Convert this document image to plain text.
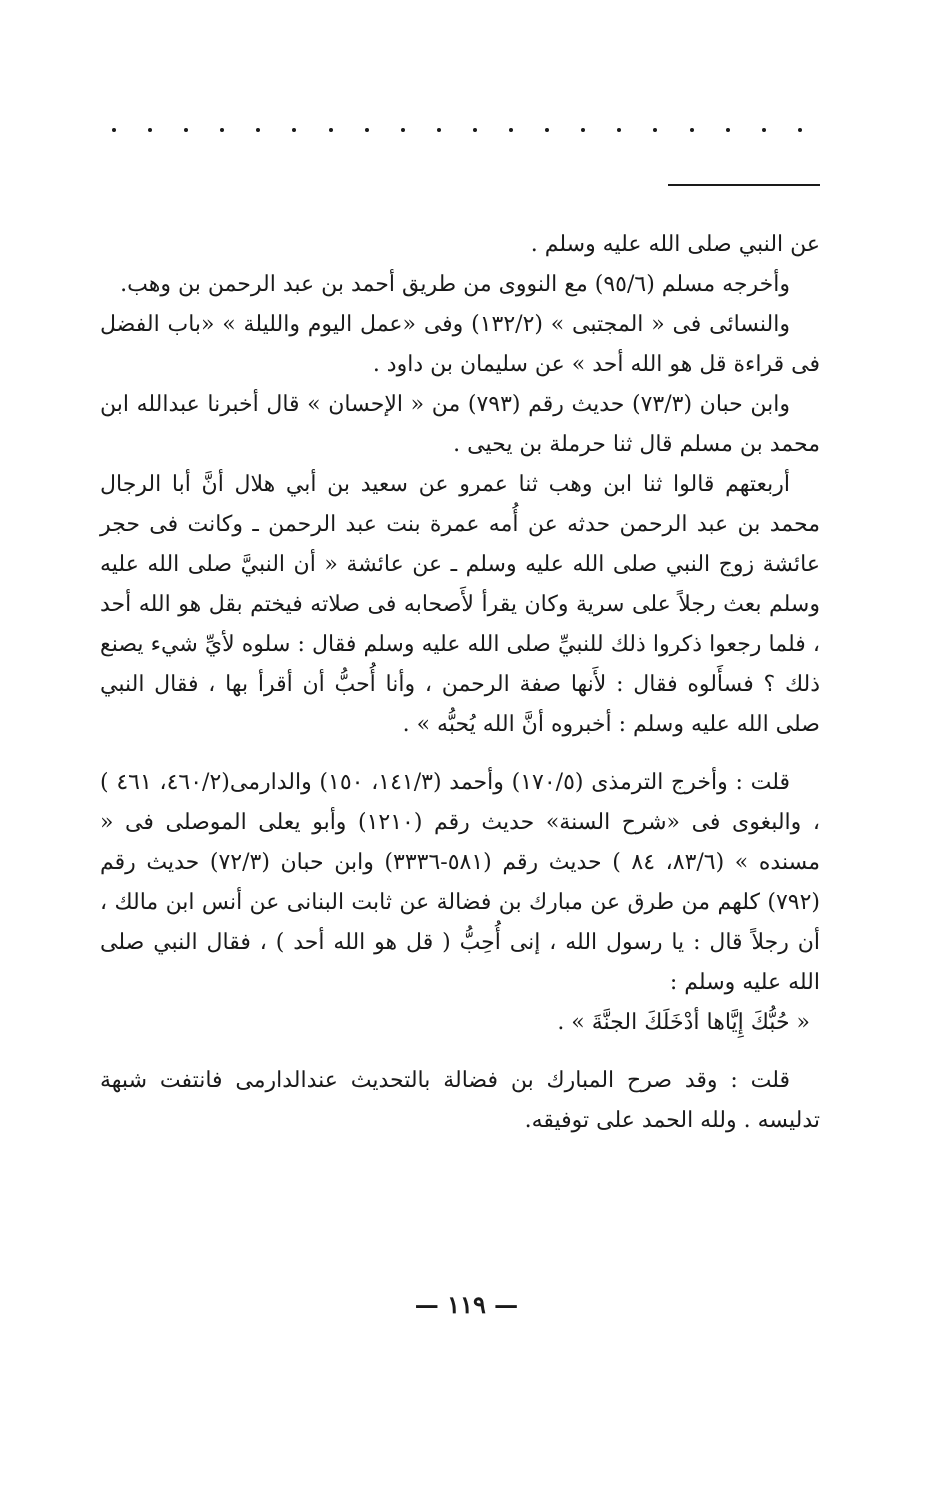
عن النبي صلى الله عليه وسلم .

وأخرجه مسلم (٩٥/٦) مع النووى من طريق أحمد بن عبد الرحمن بن وهب.

والنسائى فى « المجتبى » (١٣٢/٢) وفى «عمل اليوم والليلة » «باب الفضل فى قراءة قل هو الله أحد » عن سليمان بن داود .

وابن حبان (٧٣/٣) حديث رقم (٧٩٣) من « الإحسان » قال أخبرنا عبدالله ابن محمد بن مسلم قال ثنا حرملة بن يحيى .

أربعتهم قالوا ثنا ابن وهب ثنا عمرو عن سعيد بن أبي هلال أنَّ أبا الرجال محمد بن عبد الرحمن حدثه عن أُمه عمرة بنت عبد الرحمن ـ وكانت فى حجر عائشة زوج النبي صلى الله عليه وسلم ـ عن عائشة « أن النبيَّ صلى الله عليه وسلم بعث رجلاً على سرية وكان يقرأ لأَصحابه فى صلاته فيختم بقل هو الله أحد ، فلما رجعوا ذكروا ذلك للنبيِّ صلى الله عليه وسلم فقال : سلوه لأيِّ شيء يصنع ذلك ؟ فسأَلوه فقال : لأَنها صفة الرحمن ، وأنا أُحبُّ أن أقرأ بها ، فقال النبي صلى الله عليه وسلم : أخبروه أنَّ الله يُحبُّه » .

قلت : وأخرج الترمذى (١٧٠/٥) وأحمد (١٤١/٣، ١٥٠) والدارمى(٤٦٠/٢، ٤٦١ ) ، والبغوى فى «شرح السنة» حديث رقم (١٢١٠) وأبو يعلى الموصلى فى « مسنده » (٨٣/٦، ٨٤ ) حديث رقم (٥٨١-٣٣٣٦) وابن حبان (٧٢/٣) حديث رقم (٧٩٢) كلهم من طرق عن مبارك بن فضالة عن ثابت البنانى عن أنس ابن مالك ، أن رجلاً قال : يا رسول الله ، إنى أُحِبُّ ( قل هو الله أحد ) ، فقال النبي صلى الله عليه وسلم :

« حُبُّكَ إِيَّاها أدْخَلَكَ الجنَّةَ » .

قلت : وقد صرح المبارك بن فضالة بالتحديث عندالدارمى فانتفت شبهة تدليسه . ولله الحمد على توفيقه.

— ١١٩ —
